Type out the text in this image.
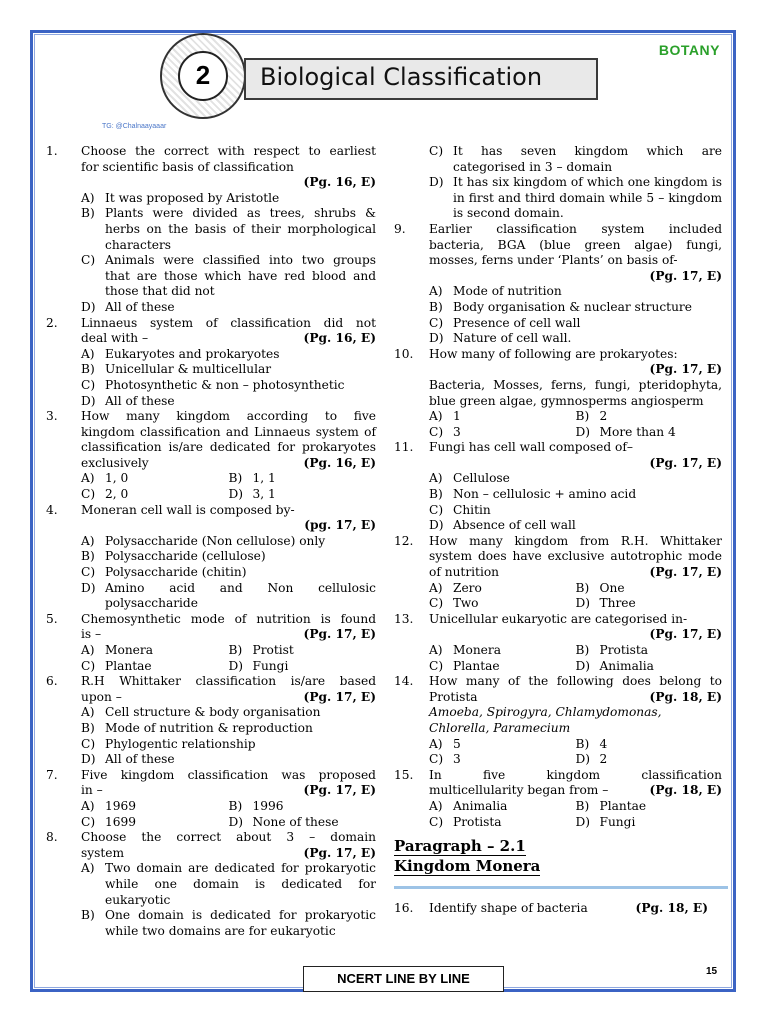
BOTANY
2	Biological Classification
TG: @Chalnaayaaar
1.	Choose the correct with respect to earliest
for scientific basis of classification
(Pg. 16, E)
A) It was proposed by Aristotle
B) Plants were divided as trees, shrubs & herbs on the basis of their morphological characters
C) Animals were classified into two groups that are those which have red blood and those that did not
D) All of these
2.	Linnaeus system of classification did not
deal with –	(Pg. 16, E)
A) Eukaryotes and prokaryotes
B) Unicellular & multicellular
C) Photosynthetic & non – photosynthetic
D) All of these
3.	How many kingdom according to five
kingdom classification and Linnaeus system of classification is/are dedicated for prokaryotes exclusively	(Pg. 16, E)
A) 1, 0	B) 1, 1
C) 2, 0	D) 3, 1
4.	Moneran cell wall is composed by-
(pg. 17, E)
A) Polysaccharide (Non cellulose) only
B) Polysaccharide (cellulose)
C) Polysaccharide (chitin)
D) Amino acid and Non cellulosic polysaccharide
5.	Chemosynthetic mode of nutrition is found
is –	(Pg. 17, E)
A) Monera	B) Protist
C) Plantae	D) Fungi
6.	R.H Whittaker classification is/are based
upon –	(Pg. 17, E)
A) Cell structure & body organisation
B) Mode of nutrition & reproduction
C) Phylogentic relationship
D) All of these
7.	Five kingdom classification was proposed
in –	(Pg. 17, E)
A) 1969	B) 1996
C) 1699	D) None of these
8.	Choose the correct about 3 – domain
system	(Pg. 17, E)
A) Two domain are dedicated for prokaryotic while one domain is dedicated for eukaryotic
B) One domain is dedicated for prokaryotic while two domains are for eukaryotic
C) It has seven kingdom which are categorised in 3 – domain
D) It has six kingdom of which one kingdom is in first and third domain while 5 – kingdom is second domain.
9.	Earlier classification system included
bacteria, BGA (blue green algae) fungi, mosses, ferns under ‘Plants’ on basis of-
(Pg. 17, E)
A) Mode of nutrition
B) Body organisation & nuclear structure
C) Presence of cell wall
D) Nature of cell wall.
10.	How many of following are prokaryotes:
(Pg. 17, E)
Bacteria, Mosses, ferns, fungi, pteridophyta, blue green algae, gymnosperms angiosperm
A) 1	B) 2
C) 3	D) More than 4
11.	Fungi has cell wall composed of–
(Pg. 17, E)
A) Cellulose
B) Non – cellulosic + amino acid
C) Chitin
D) Absence of cell wall
12.	How many kingdom from R.H. Whittaker
system does have exclusive autotrophic mode of nutrition	(Pg. 17, E)
A) Zero	B) One
C) Two	D) Three
13.	Unicellular eukaryotic are categorised in-
(Pg. 17, E)
A) Monera	B) Protista
C) Plantae	D) Animalia
14.	How many of the following does belong to
Protista	(Pg. 18, E)
Amoeba, Spirogyra, Chlamydomonas, Chlorella, Paramecium
A) 5	B) 4
C) 3	D) 2
15.	In five kingdom classification
multicellularity began from –	(Pg. 18, E)
A) Animalia	B) Plantae
C) Protista	D) Fungi
Paragraph – 2.1
Kingdom Monera
16.	Identify shape of bacteria	(Pg. 18, E)
NCERT LINE BY LINE	15
